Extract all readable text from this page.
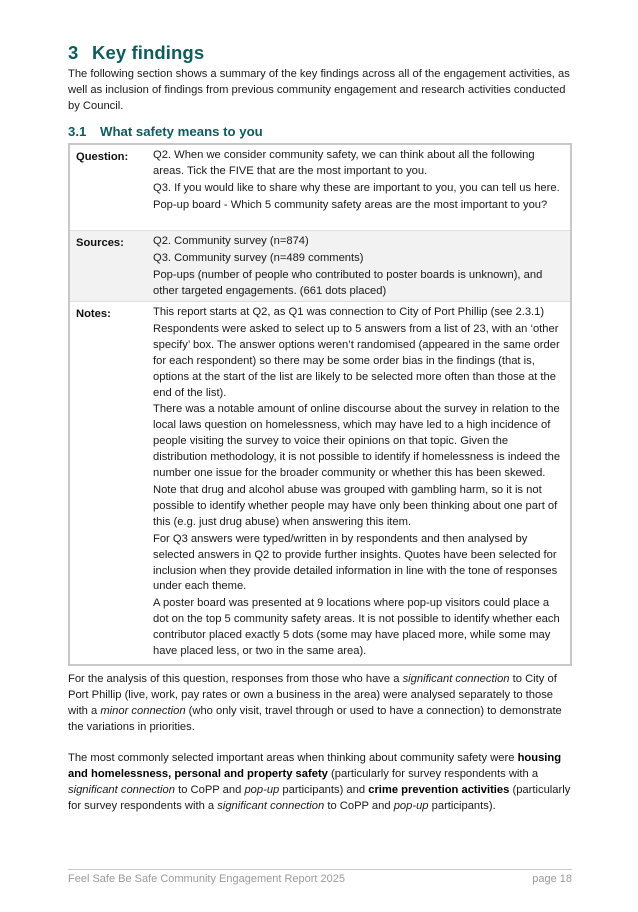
3 Key findings

The following section shows a summary of the key findings across all of the engagement activities, as well as inclusion of findings from previous community engagement and research activities conducted by Council.

3.1 What safety means to you
Question:	Q2. When we consider community safety, we can think about all the following areas. Tick the FIVE that are the most important to you.

Q3. If you would like to share why these are important to you, you can tell us here.

Pop-up board - Which 5 community safety areas are the most important to you?

Sources:	Q2. Community survey (n=874)

Q3. Community survey (n=489 comments)

Pop-ups (number of people who contributed to poster boards is unknown), and other targeted engagements. (661 dots placed)

Notes:	This report starts at Q2, as Q1 was connection to City of Port Phillip (see 2.3.1)

Respondents were asked to select up to 5 answers from a list of 23, with an ‘other specify’ box. The answer options weren’t randomised (appeared in the same order for each respondent) so there may be some order bias in the findings (that is, options at the start of the list are likely to be selected more often than those at the end of the list).

There was a notable amount of online discourse about the survey in relation to the local laws question on homelessness, which may have led to a high incidence of people visiting the survey to voice their opinions on that topic. Given the distribution methodology, it is not possible to identify if homelessness is indeed the number one issue for the broader community or whether this has been skewed.

Note that drug and alcohol abuse was grouped with gambling harm, so it is not possible to identify whether people may have only been thinking about one part of this (e.g. just drug abuse) when answering this item.

For Q3 answers were typed/written in by respondents and then analysed by selected answers in Q2 to provide further insights. Quotes have been selected for inclusion when they provide detailed information in line with the tone of responses under each theme.

A poster board was presented at 9 locations where pop-up visitors could place a dot on the top 5 community safety areas. It is not possible to identify whether each contributor placed exactly 5 dots (some may have placed more, while some may have placed less, or two in the same area).

For the analysis of this question, responses from those who have a significant connection to City of Port Phillip (live, work, pay rates or own a business in the area) were analysed separately to those with a minor connection (who only visit, travel through or used to have a connection) to demonstrate the variations in priorities.

The most commonly selected important areas when thinking about community safety were housing and homelessness, personal and property safety (particularly for survey respondents with a significant connection to CoPP and pop-up participants) and crime prevention activities (particularly for survey respondents with a significant connection to CoPP and pop-up participants).

Feel Safe Be Safe Community Engagement Report 2025	page 18
